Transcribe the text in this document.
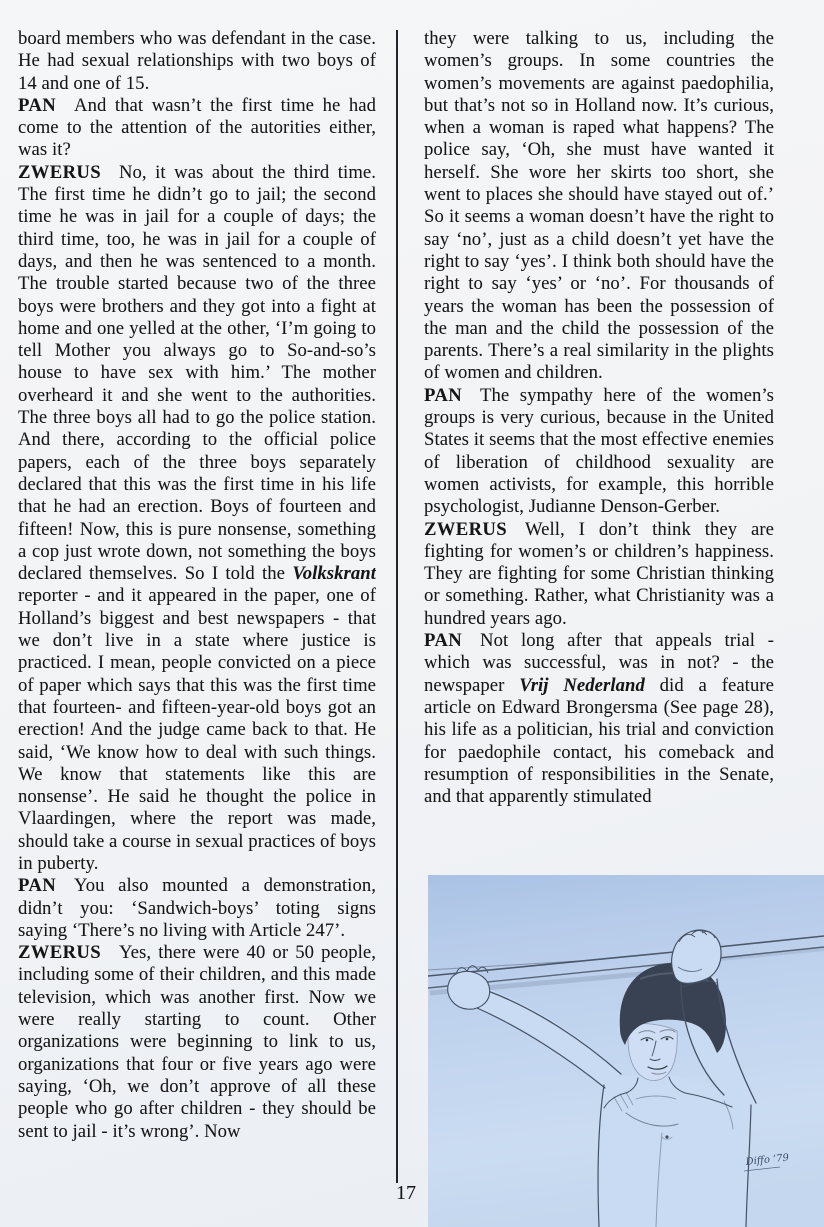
board members who was defendant in the case. He had sexual relationships with two boys of 14 and one of 15.

PAN And that wasn’t the first time he had come to the attention of the autorities either, was it?

ZWERUS No, it was about the third time. The first time he didn’t go to jail; the second time he was in jail for a couple of days; the third time, too, he was in jail for a couple of days, and then he was sentenced to a month. The trouble started because two of the three boys were brothers and they got into a fight at home and one yelled at the other, ‘I’m going to tell Mother you always go to So-and-so’s house to have sex with him.’ The mother overheard it and she went to the authorities. The three boys all had to go the police station. And there, according to the official police papers, each of the three boys separately declared that this was the first time in his life that he had an erection. Boys of fourteen and fifteen! Now, this is pure nonsense, something a cop just wrote down, not something the boys declared themselves. So I told the Volkskrant reporter - and it appeared in the paper, one of Holland’s biggest and best newspapers - that we don’t live in a state where justice is practiced. I mean, people convicted on a piece of paper which says that this was the first time that fourteen- and fifteen-year-old boys got an erection! And the judge came back to that. He said, ‘We know how to deal with such things. We know that statements like this are nonsense’. He said he thought the police in Vlaardingen, where the report was made, should take a course in sexual practices of boys in puberty.

PAN You also mounted a demonstration, didn’t you: ‘Sandwich-boys’ toting signs saying ‘There’s no living with Article 247’.

ZWERUS Yes, there were 40 or 50 people, including some of their children, and this made television, which was another first. Now we were really starting to count. Other organizations were beginning to link to us, organizations that four or five years ago were saying, ‘Oh, we don’t approve of all these people who go after children - they should be sent to jail - it’s wrong’. Now

they were talking to us, including the women’s groups. In some countries the women’s movements are against paedophilia, but that’s not so in Holland now. It’s curious, when a woman is raped what happens? The police say, ‘Oh, she must have wanted it herself. She wore her skirts too short, she went to places she should have stayed out of.’ So it seems a woman doesn’t have the right to say ‘no’, just as a child doesn’t yet have the right to say ‘yes’. I think both should have the right to say ‘yes’ or ‘no’. For thousands of years the woman has been the possession of the man and the child the possession of the parents. There’s a real similarity in the plights of women and children.

PAN The sympathy here of the women’s groups is very curious, because in the United States it seems that the most effective enemies of liberation of childhood sexuality are women activists, for example, this horrible psychologist, Judianne Denson-Gerber.

ZWERUS Well, I don’t think they are fighting for women’s or children’s happiness. They are fighting for some Christian thinking or something. Rather, what Christianity was a hundred years ago.

PAN Not long after that appeals trial - which was successful, was in not? - the newspaper Vrij Nederland did a feature article on Edward Brongersma (See page 28), his life as a politician, his trial and conviction for paedophile contact, his comeback and resumption of responsibilities in the Senate, and that apparently stimulated

Diffo ’79
17
